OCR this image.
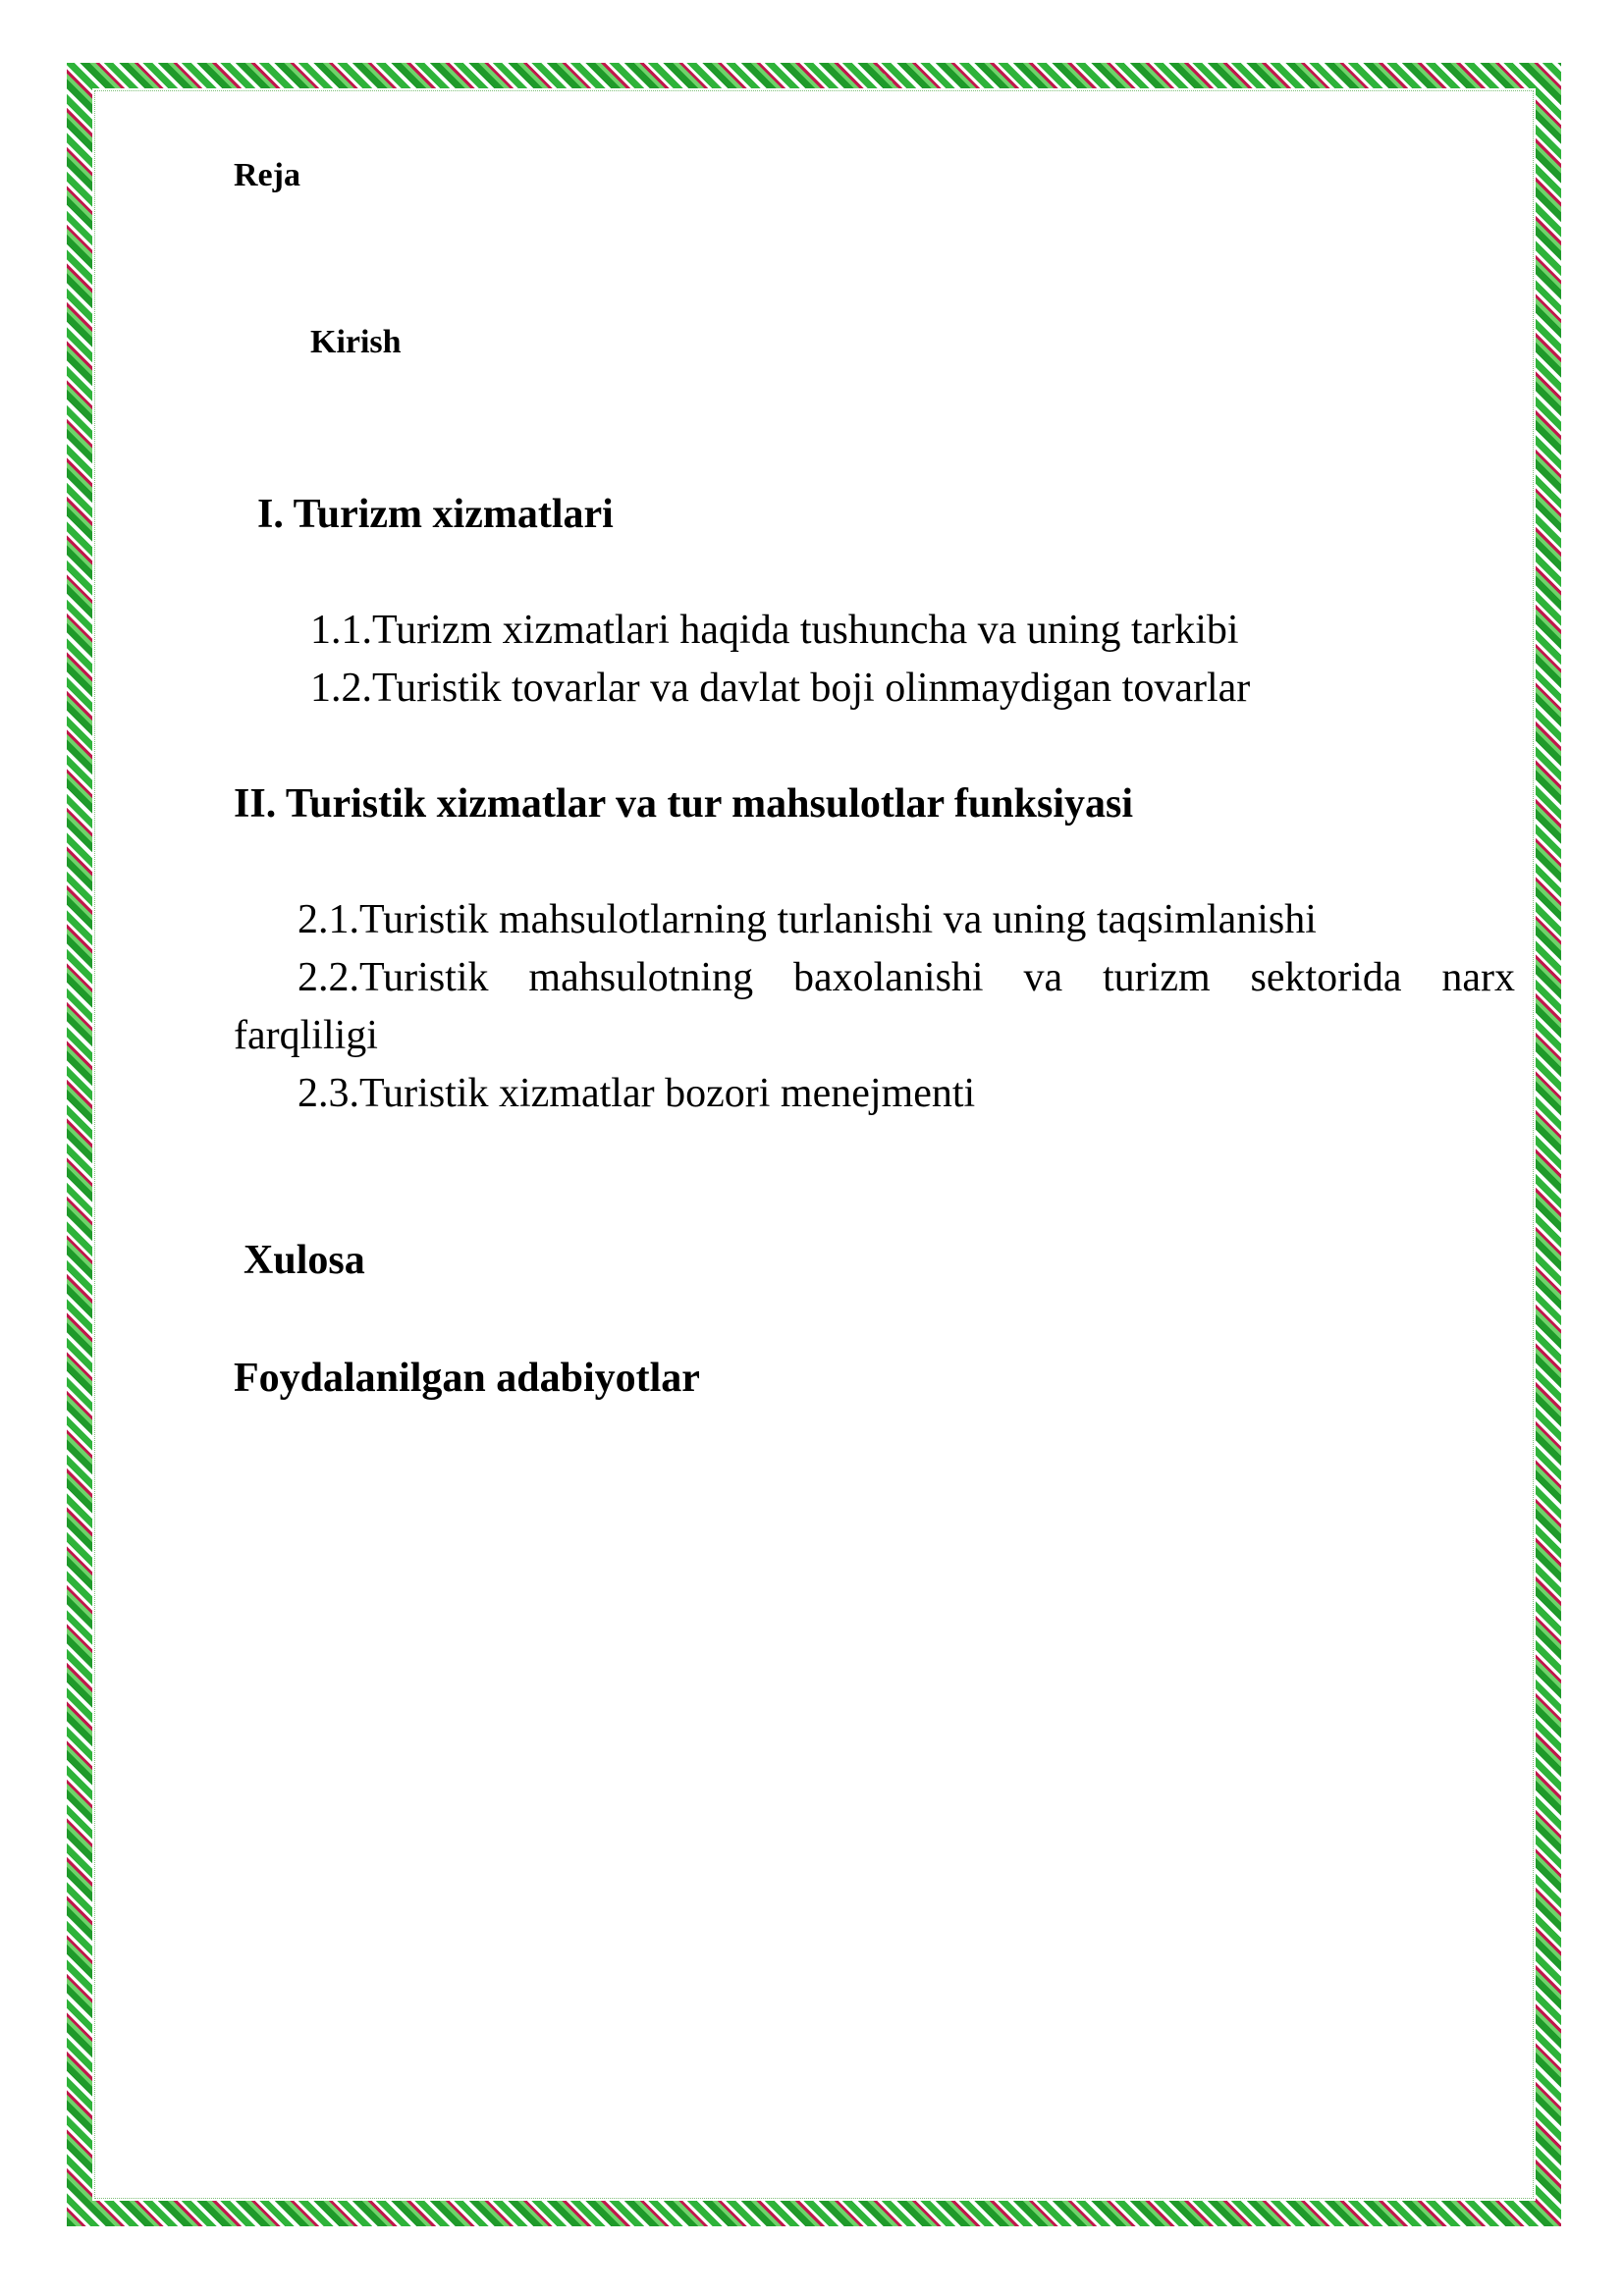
Reja
Kirish
I. Turizm xizmatlari
1.1.Turizm xizmatlari haqida tushuncha va uning tarkibi
1.2.Turistik tovarlar va davlat boji olinmaydigan tovarlar
II. Turistik xizmatlar va tur mahsulotlar funksiyasi
2.1.Turistik mahsulotlarning turlanishi va uning taqsimlanishi
2.2.Turistik mahsulotning baxolanishi va turizm sektorida narx
farqliligi
2.3.Turistik xizmatlar bozori menejmenti
Xulosa
Foydalanilgan adabiyotlar
